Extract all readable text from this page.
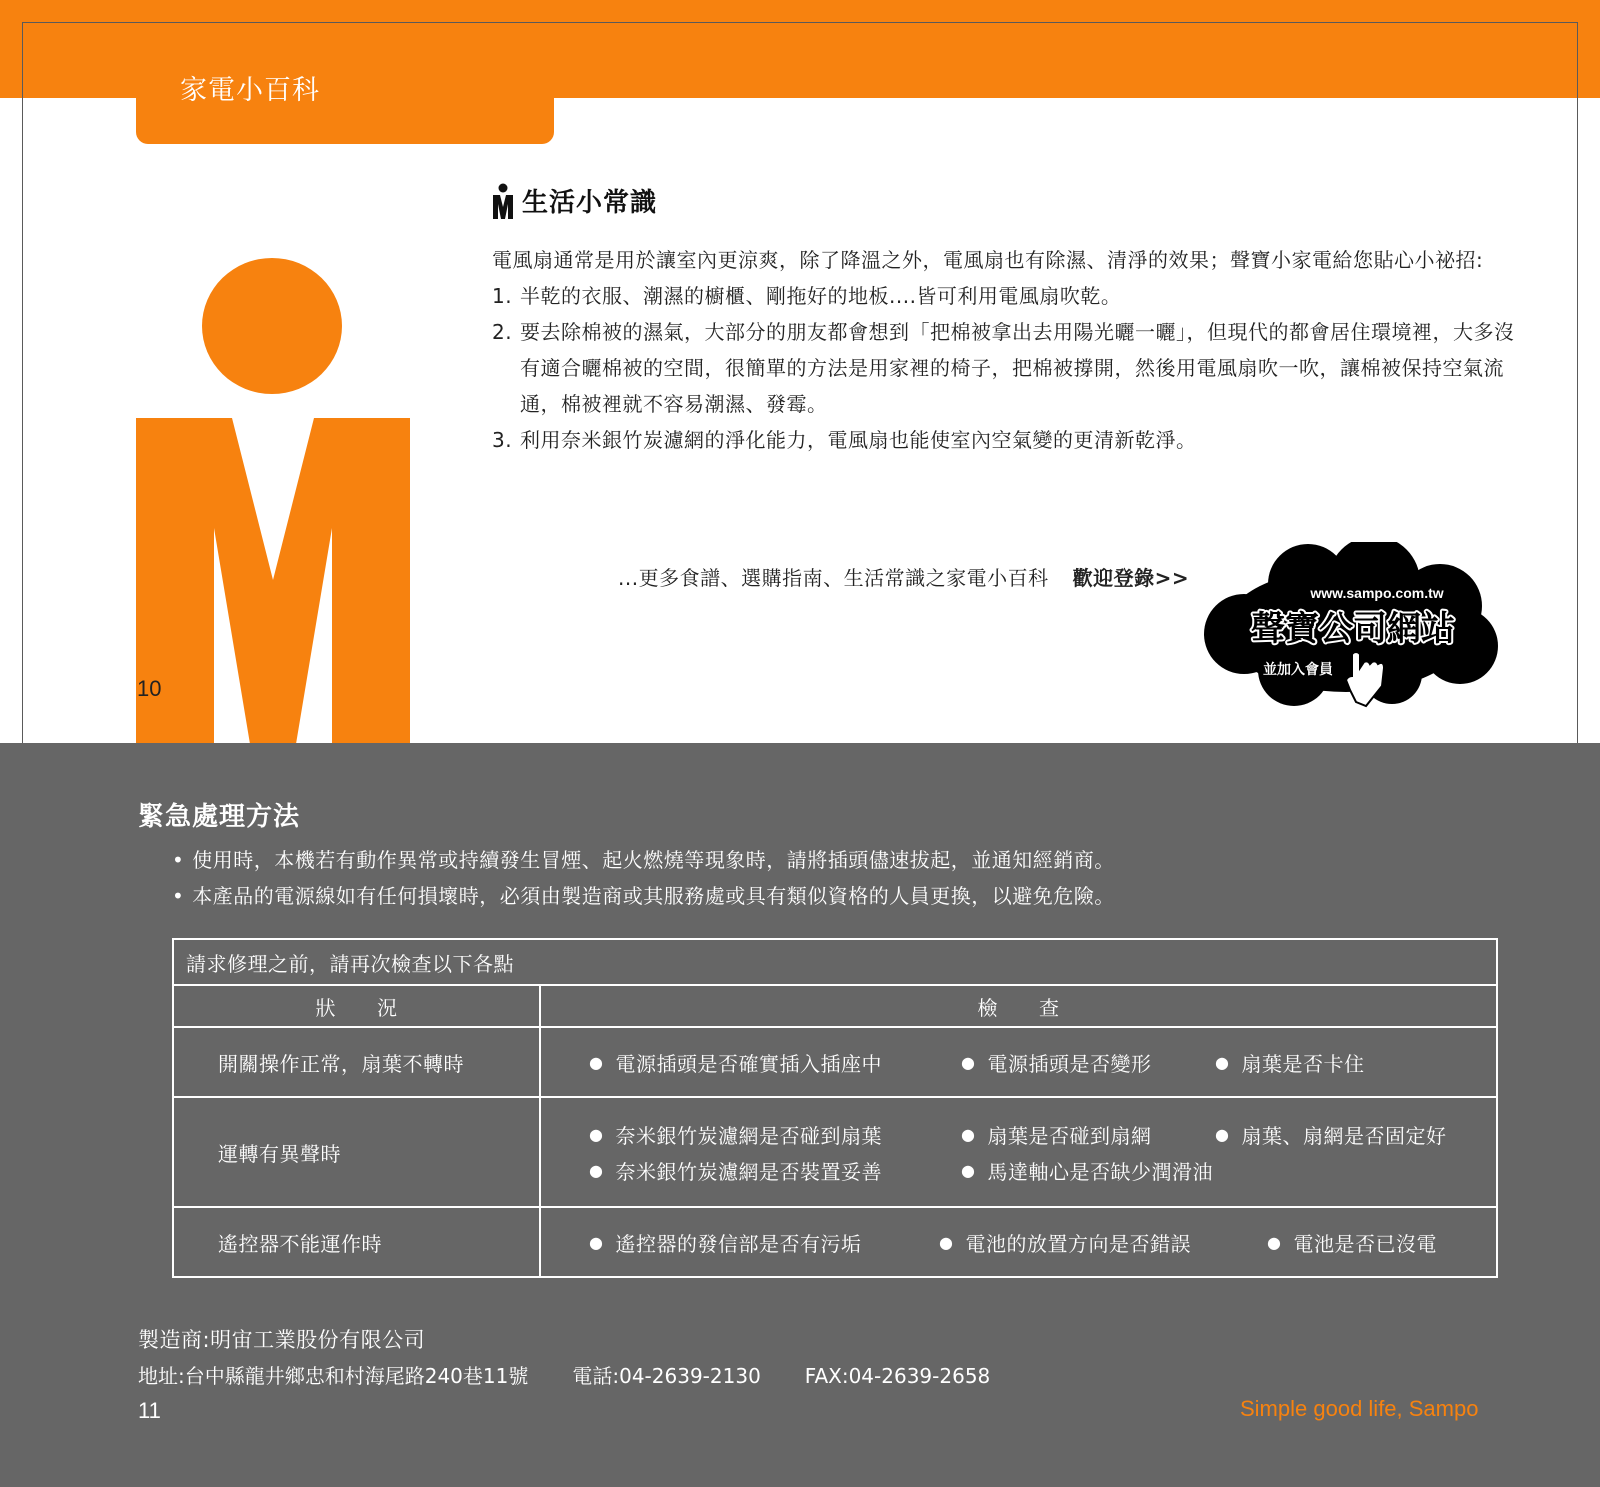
家電小百科
10
生活小常識

電風扇通常是用於讓室內更涼爽，除了降溫之外，電風扇也有除濕、清淨的效果；聲寶小家電給您貼心小祕招:

1. 半乾的衣服、潮濕的櫥櫃、剛拖好的地板....皆可利用電風扇吹乾。
2. 要去除棉被的濕氣，大部分的朋友都會想到「把棉被拿出去用陽光曬一曬」，但現代的都會居住環境裡，大多沒有適合曬棉被的空間，很簡單的方法是用家裡的椅子，把棉被撐開，然後用電風扇吹一吹，讓棉被保持空氣流通，棉被裡就不容易潮濕、發霉。
3. 利用奈米銀竹炭濾網的淨化能力，電風扇也能使室內空氣變的更清新乾淨。
...更多食譜、選購指南、生活常識之家電小百科 歡迎登錄>>
www.sampo.com.tw
聲寶公司網站
並加入會員
緊急處理方法
• 使用時，本機若有動作異常或持續發生冒煙、起火燃燒等現象時，請將插頭儘速拔起，並通知經銷商。
• 本產品的電源線如有任何損壞時，必須由製造商或其服務處或具有類似資格的人員更換，以避免危險。
請求修理之前，請再次檢查以下各點	
狀　　況	檢　　查
開關操作正常，扇葉不轉時	● 電源插頭是否確實插入插座中 ● 電源插頭是否變形 ● 扇葉是否卡住

運轉有異聲時	● 奈米銀竹炭濾網是否碰到扇葉 ● 扇葉是否碰到扇網 ● 扇葉、扇網是否固定好
● 奈米銀竹炭濾網是否裝置妥善 ● 馬達軸心是否缺少潤滑油

遙控器不能運作時	● 遙控器的發信部是否有污垢 ● 電池的放置方向是否錯誤 ● 電池是否已沒電
製造商:明宙工業股份有限公司
地址:台中縣龍井鄉忠和村海尾路240巷11號 電話:04-2639-2130 FAX:04-2639-2658
11	Simple good life, Sampo
